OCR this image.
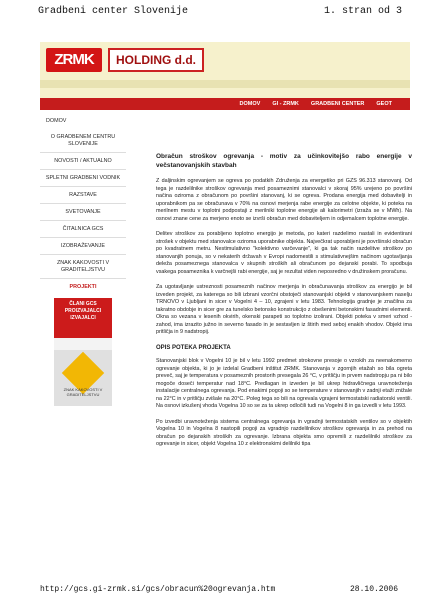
Gradbeni center Slovenije	1. stran od 3
ZRMK	HOLDING d.d.
DOMOV GI - ZRMK GRADBENI CENTER GEOT
DOMOV
O GRADBENEM CENTRU SLOVENIJE
NOVOSTI / AKTUALNO
SPLETNI GRADBENI VODNIK
RAZSTAVE
SVETOVANJE
ČITALNICA GCS
IZOBRAŽEVANJE
ZNAK KAKOVOSTI V GRADITELJSTVU
PROJEKTI
ČLANI GCS
PROIZVAJALCI
IZVAJALCI
ZNAK KAKOVOSTI V GRADITELJSTVU
Obračun stroškov ogrevanja - motiv za učinkovitejšo rabo energije v večstanovanjskih stavbah

Z daljinskim ogrevanjem se ogreva po podatkih Združenja za energetiko pri GZS 96.313 stanovanj. Od tega je razdelilnike stroškov ogrevanja med posameznimi stanovalci v skoraj 95% urejeno po površini načina oziroma z obračunom po površini stanovanj, ki se ogreva. Prodana energija med dobavitelji in uporabnikom pa se obračunava v 70% na osnovi merjenja rabe energije za celotne objekte, ki poteka na merilnem mestu v toplotni podpostaji z merilniki toplotne energije ali kalorimetri (izraža se v MWh). Na osnovi znane cene za merjeno enoto se izvrši obračun med dobaviteljem in odjemalcem toplotne energije.

Delitev stroškov za porabljeno toplotno energijo je metoda, po kateri razdelimo nastali in evidentirani strošek v objektu med stanovalce oziroma uporabnike objekta. Največkrat uporabljeni je površinski obračun po kvadratnem metru. Nestimulativno "kolektivno varčevanje", ki ga tak način razdelitve stroškov po stanovanjih ponuja, so v nekaterih državah v Evropi nadomestili s stimulativnejšim načinom ugotavljanja deleža posameznega stanovalca v skupnih stroških ali obračunom po dejanski porabi. To spodbuja vsakega posameznika k varčnejši rabi energije, saj je rezultat viden neposredno v družinskem proračunu.

Za ugotavljanje ustreznosti posameznih načinov merjenja in obračunavanja stroškov za energijo je bil izveden projekt, za katerega so bili izbrani vzorčni obstoječi stanovanjski objekti v stanovanjskem naselju TRNOVO v Ljubljani in sicer v Vogelni 4 – 10, zgrajeni v letu 1983. Tehnologija gradnje je značilna za takratno obdobje in sicer gre za tunelsko betonsko konstrukcijo z obešenimi betonskimi fasadnimi elementi. Okna so vezana v lesenih okvirih, okenski parapeti so toplotno izolirani. Objekti poteka v smeri vzhod - zahod, ima izrazito južno in severno fasado in je sestavljen iz štirih med seboj enakih vhodov. Objekt ima pritličja in 9 nadstropij.

OPIS POTEKA PROJEKTA

Stanovanjski blok v Vogelni 10 je bil v letu 1992 predmet strokovne presoje o vzrokih za neenakomerno ogrevanje objekta, ki jo je izdelal Gradbeni inštitut ZRMK. Stanovanja v zgornjih etažah so bila ogreta preveč, saj je temperatura v posameznih prostorih presegala 26 °C, v pritličju in prvem nadstropju pa ni bilo mogoče doseči temperatur nad 18°C. Predlagan in izveden je bil ukrep hidravličnega uravnoteženja instalacije centralnega ogrevanja. Pod enakimi pogoji so se temperature v stanovanjih v zadnji etaži znižale na 22°C in v pritličju zvišale na 20°C. Poleg tega so bili na ogrevala vgrajeni termostatski radiatorski ventili. Na osnovi izkušenj vhoda Vogelna 10 so se za ta ukrep odločili tudi na Vogelni 8 in ga izvedli v letu 1993.

Po izvedbi uravnoteženja sistema centralnega ogrevanja in vgradnji termostatskih ventilov so v objektih Vogelna 10 in Vogelna 8 nastopili pogoji za vgradnjo razdelilnikov stroškov ogrevanja in za prehod na obračun po dejanskih stroških za ogrevanje. Izbrana objekta smo opremili z razdelilniki stroškov za ogrevanje in sicer, objekt Vogelna 10 z elektronskimi delilniki tipa

http://gcs.gi-zrmk.si/gcs/obracun%20ogrevanja.htm	28.10.2006
